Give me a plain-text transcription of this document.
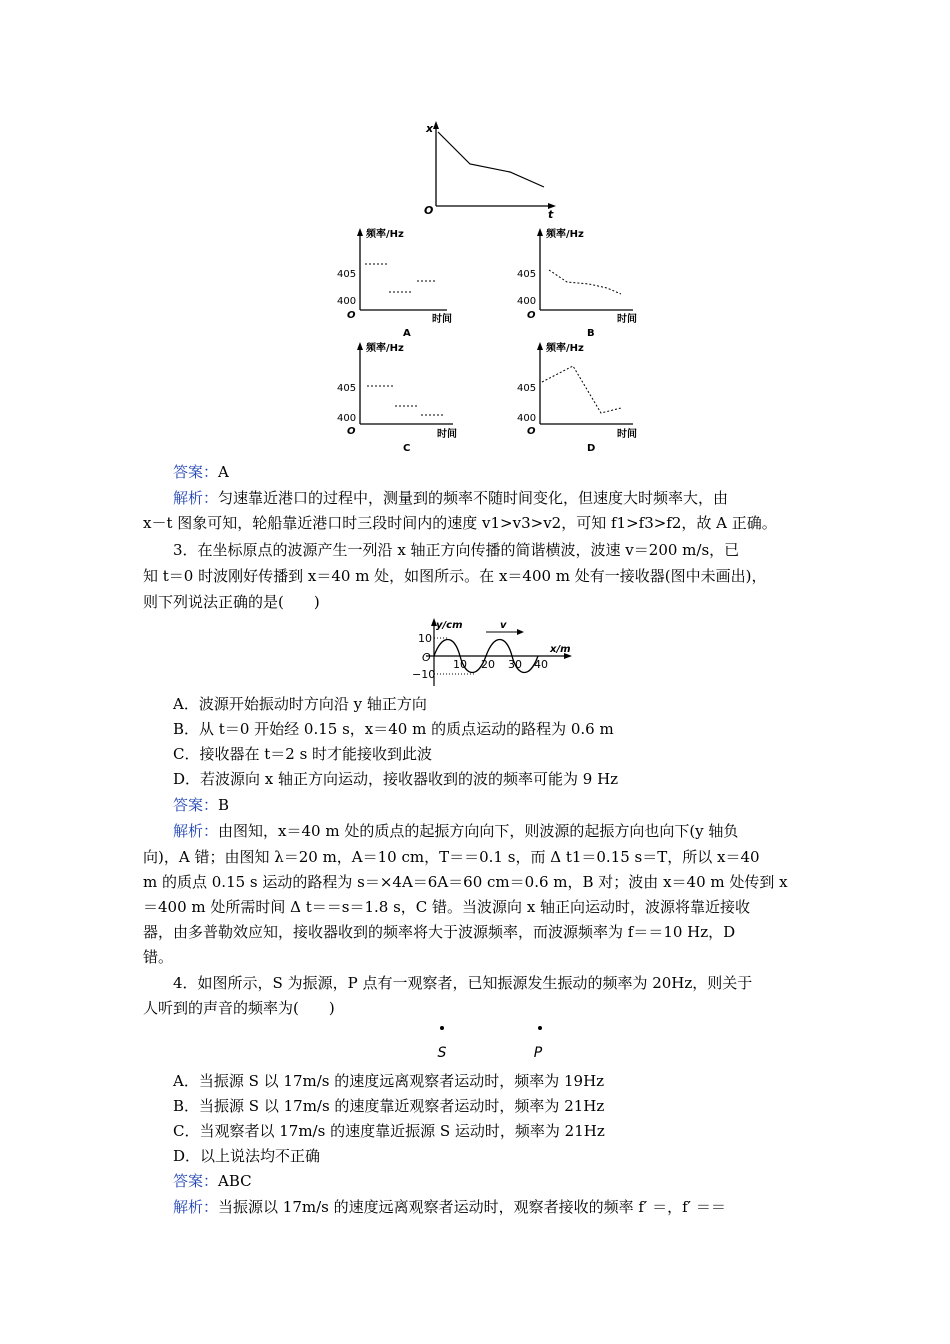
x
t
O
频率/Hz
405
400
O	时间
A
频率/Hz
405
400
O	时间
B
频率/Hz
405
400
O	时间
C
频率/Hz
405
400
O	时间
D
答案：A
解析：匀速靠近港口的过程中，测量到的频率不随时间变化，但速度大时频率大，由
x－t 图象可知，轮船靠近港口时三段时间内的速度 v1>v3>v2，可知 f1>f3>f2，故 A 正确。
3．在坐标原点的波源产生一列沿 x 轴正方向传播的简谐横波，波速 v＝200 m/s，已
知 t＝0 时波刚好传播到 x＝40 m 处，如图所示。在 x＝400 m 处有一接收器(图中未画出)，
则下列说法正确的是(　　)
y/cm
x/m
v
10
O
−10
10 20 30 40
A．波源开始振动时方向沿 y 轴正方向
B．从 t＝0 开始经 0.15 s，x＝40 m 的质点运动的路程为 0.6 m
C．接收器在 t＝2 s 时才能接收到此波
D．若波源向 x 轴正方向运动，接收器收到的波的频率可能为 9 Hz
答案：B
解析：由图知，x＝40 m 处的质点的起振方向向下，则波源的起振方向也向下(y 轴负
向)，A 错；由图知 λ＝20 m，A＝10 cm，T＝＝0.1 s，而 Δ t1＝0.15 s＝T，所以 x＝40
m 的质点 0.15 s 运动的路程为 s＝×4A＝6A＝60 cm＝0.6 m，B 对；波由 x＝40 m 处传到 x
＝400 m 处所需时间 Δ t＝＝s＝1.8 s，C 错。当波源向 x 轴正向运动时，波源将靠近接收
器，由多普勒效应知，接收器收到的频率将大于波源频率，而波源频率为 f＝＝10 Hz，D
错。
4．如图所示，S 为振源，P 点有一观察者，已知振源发生振动的频率为 20Hz，则关于
人听到的声音的频率为(　　)
S	P
A．当振源 S 以 17m/s 的速度远离观察者运动时，频率为 19Hz
B．当振源 S 以 17m/s 的速度靠近观察者运动时，频率为 21Hz
C．当观察者以 17m/s 的速度靠近振源 S 运动时，频率为 21Hz
D．以上说法均不正确
答案：ABC
解析：当振源以 17m/s 的速度远离观察者运动时，观察者接收的频率 f′ ＝，f′ ＝＝
